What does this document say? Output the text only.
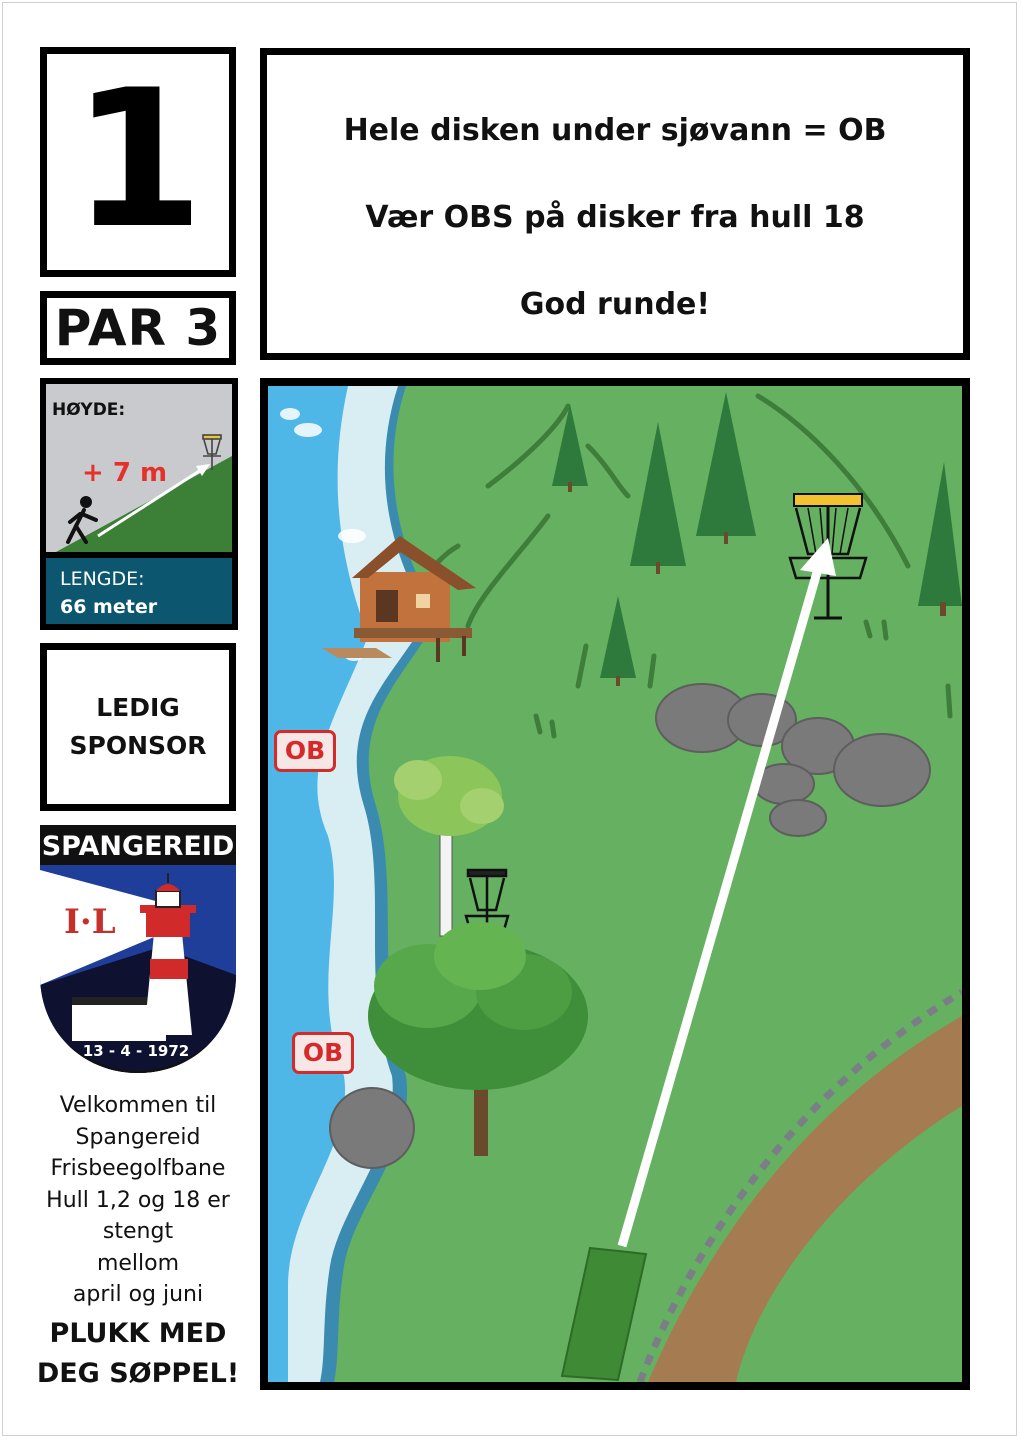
1
PAR 3
Hele disken under sjøvann = OB
Vær OBS på disker fra hull 18
God runde!
HØYDE:
+ 7 m
LENGDE:
66 meter
LEDIG
SPONSOR
SPANGEREID
I·L
13 - 4 - 1972
Velkommen til
Spangereid
Frisbeegolfbane
Hull 1,2 og 18 er
stengt
mellom
april og juni
PLUKK MED
DEG SØPPEL!
OB
OB
